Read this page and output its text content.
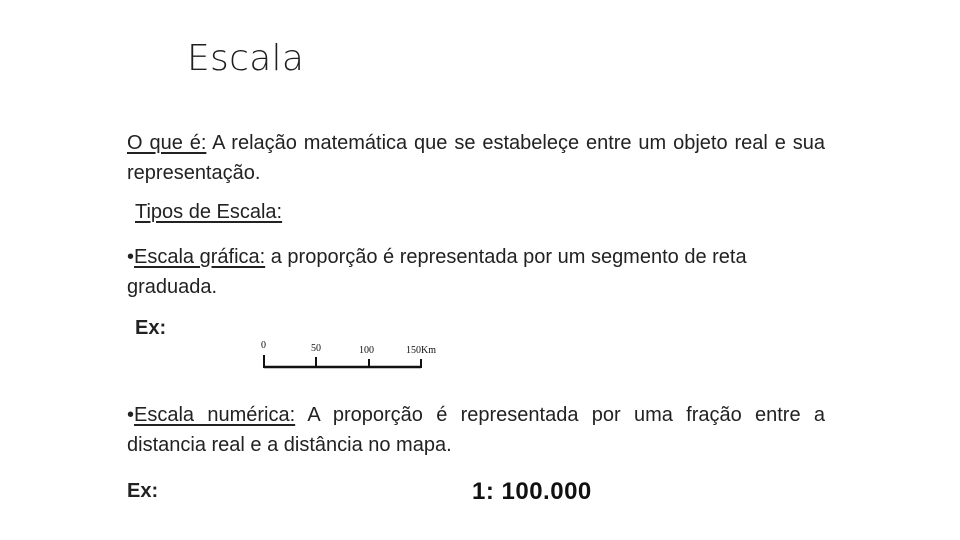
Escala
O que é: A relação matemática que se estabeleçe entre um objeto real e sua representação.
Tipos de Escala:
•Escala gráfica: a proporção é representada por um segmento de reta graduada.
Ex:
0	50	100	150Km
•Escala numérica: A proporção é representada por uma fração entre a distancia real e a distância no mapa.
Ex:	1: 100.000
